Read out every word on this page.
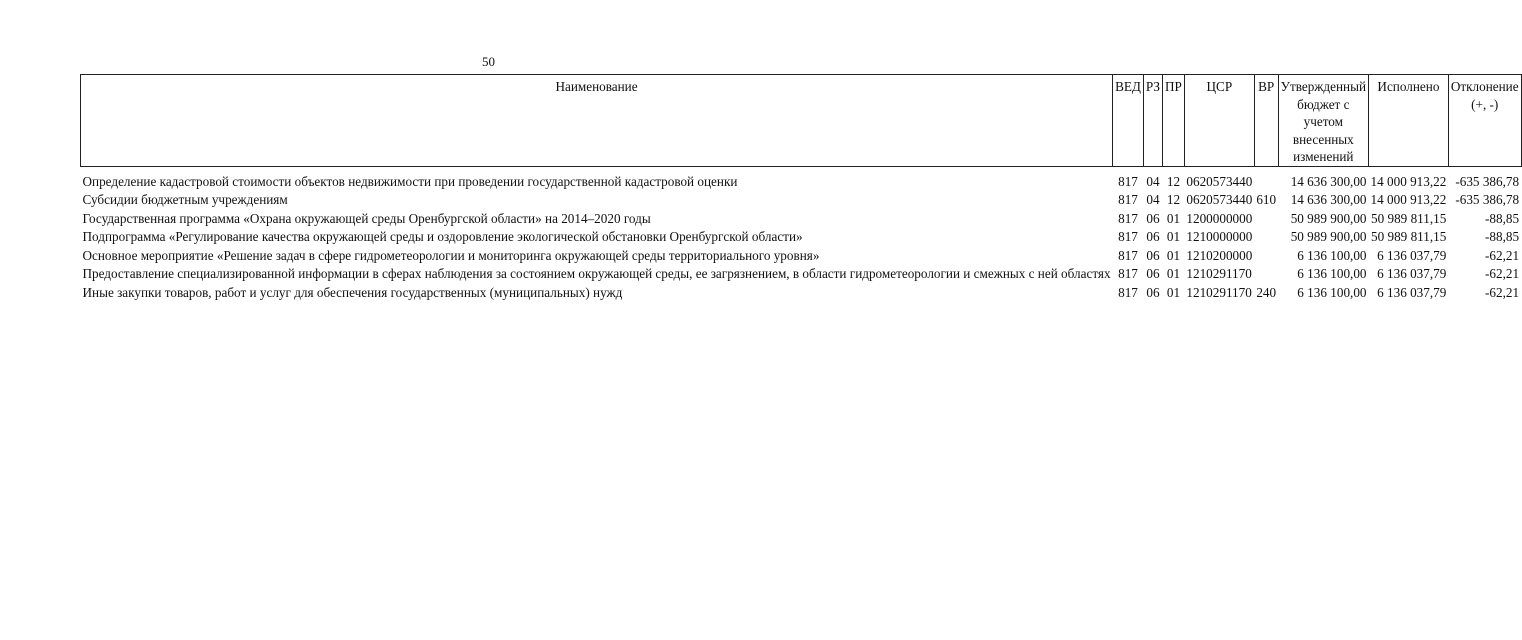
50
Наименование	ВЕД	РЗ	ПР	ЦСР	ВР	Утвержденный бюджет с учетом внесенных изменений	Исполнено	Отклонение (+, -)

Определение кадастровой стоимости объектов недвижимости при проведении государственной кадастровой оценки	817	04	12	0620573440		14 636 300,00	14 000 913,22	-635 386,78
Субсидии бюджетным учреждениям	817	04	12	0620573440	610	14 636 300,00	14 000 913,22	-635 386,78
Государственная программа «Охрана окружающей среды Оренбургской области» на 2014–2020 годы	817	06	01	1200000000		50 989 900,00	50 989 811,15	-88,85
Подпрограмма «Регулирование качества окружающей среды и оздоровление экологической обстановки Оренбургской области»	817	06	01	1210000000		50 989 900,00	50 989 811,15	-88,85
Основное мероприятие «Решение задач в сфере гидрометеорологии и мониторинга окружающей среды территориального уровня»	817	06	01	1210200000		6 136 100,00	6 136 037,79	-62,21
Предоставление специализированной информации в сферах наблюдения за состоянием окружающей среды, ее загрязнением, в области гидрометеорологии и смежных с ней областях	817	06	01	1210291170		6 136 100,00	6 136 037,79	-62,21
Иные закупки товаров, работ и услуг для обеспечения государственных (муниципальных) нужд	817	06	01	1210291170	240	6 136 100,00	6 136 037,79	-62,21
